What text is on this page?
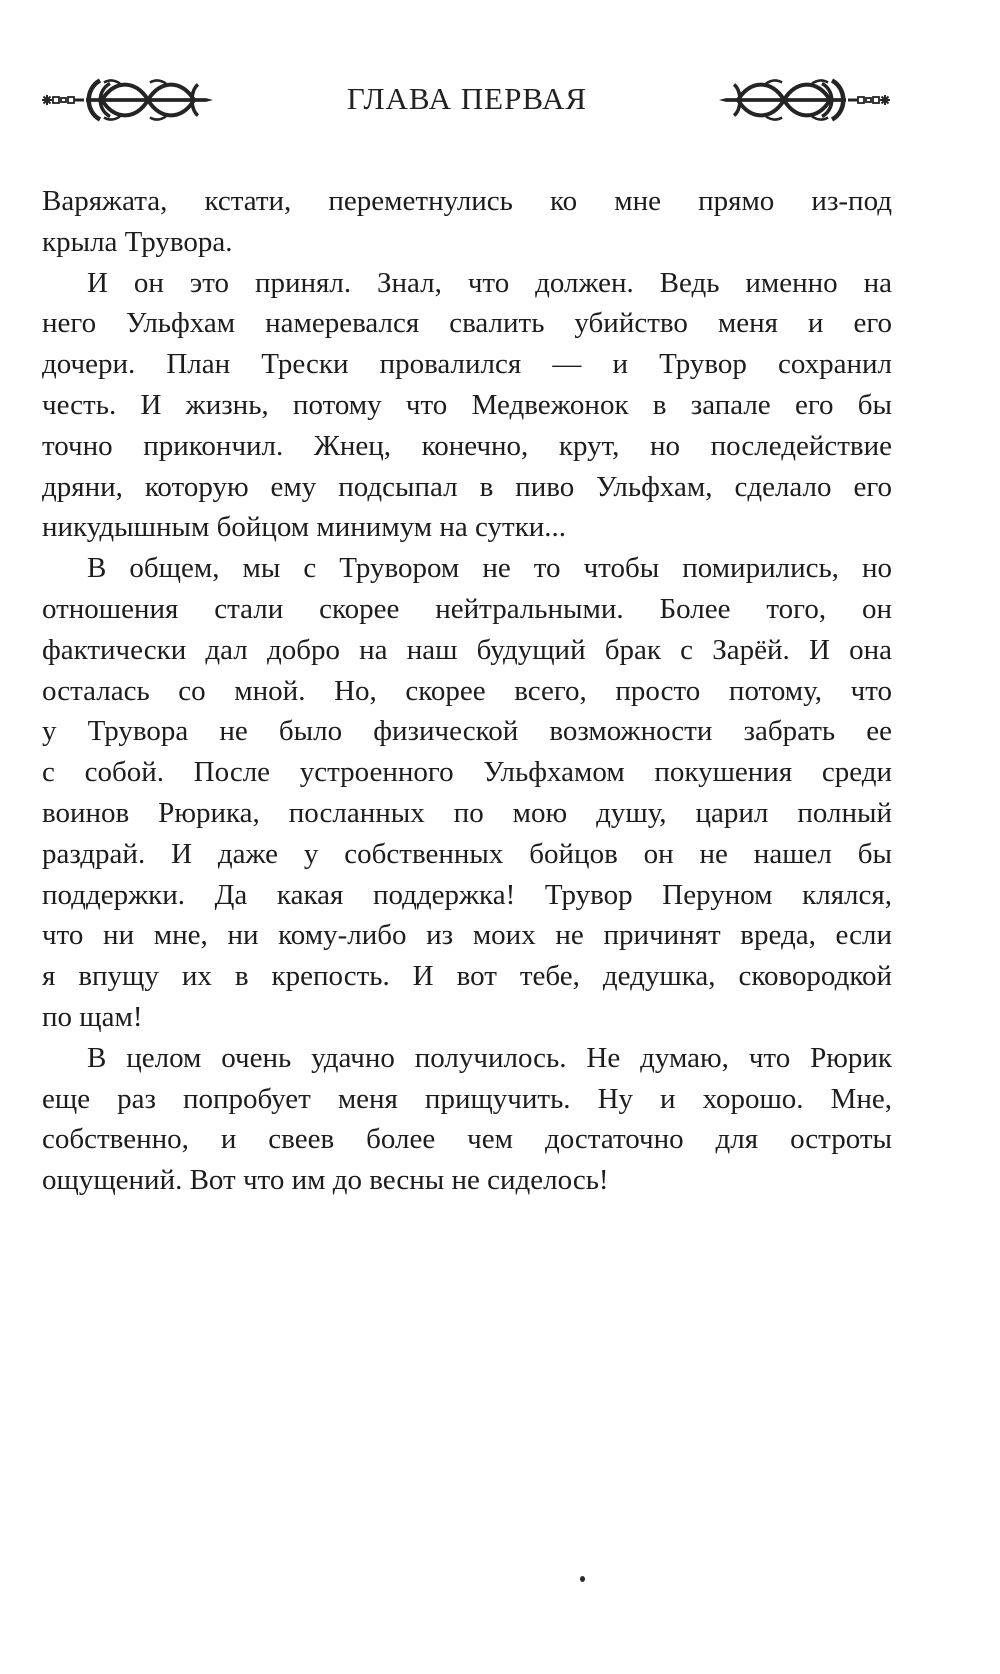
ГЛАВА ПЕРВАЯ
Варяжата, кстати, переметнулись ко мне прямо из-под
крыла Трувора.
И он это принял. Знал, что должен. Ведь именно на
него Ульфхам намеревался свалить убийство меня и его
дочери. План Трески провалился — и Трувор сохранил
честь. И жизнь, потому что Медвежонок в запале его бы
точно прикончил. Жнец, конечно, крут, но последействие
дряни, которую ему подсыпал в пиво Ульфхам, сделало его
никудышным бойцом минимум на сутки...
В общем, мы с Трувором не то чтобы помирились, но
отношения стали скорее нейтральными. Более того, он
фактически дал добро на наш будущий брак с Зарёй. И она
осталась со мной. Но, скорее всего, просто потому, что
у Трувора не было физической возможности забрать ее
с собой. После устроенного Ульфхамом покушения среди
воинов Рюрика, посланных по мою душу, царил полный
раздрай. И даже у собственных бойцов он не нашел бы
поддержки. Да какая поддержка! Трувор Перуном клялся,
что ни мне, ни кому-либо из моих не причинят вреда, если
я впущу их в крепость. И вот тебе, дедушка, сковородкой
по щам!
В целом очень удачно получилось. Не думаю, что Рюрик
еще раз попробует меня прищучить. Ну и хорошо. Мне,
собственно, и свеев более чем достаточно для остроты
ощущений. Вот что им до весны не сиделось!
